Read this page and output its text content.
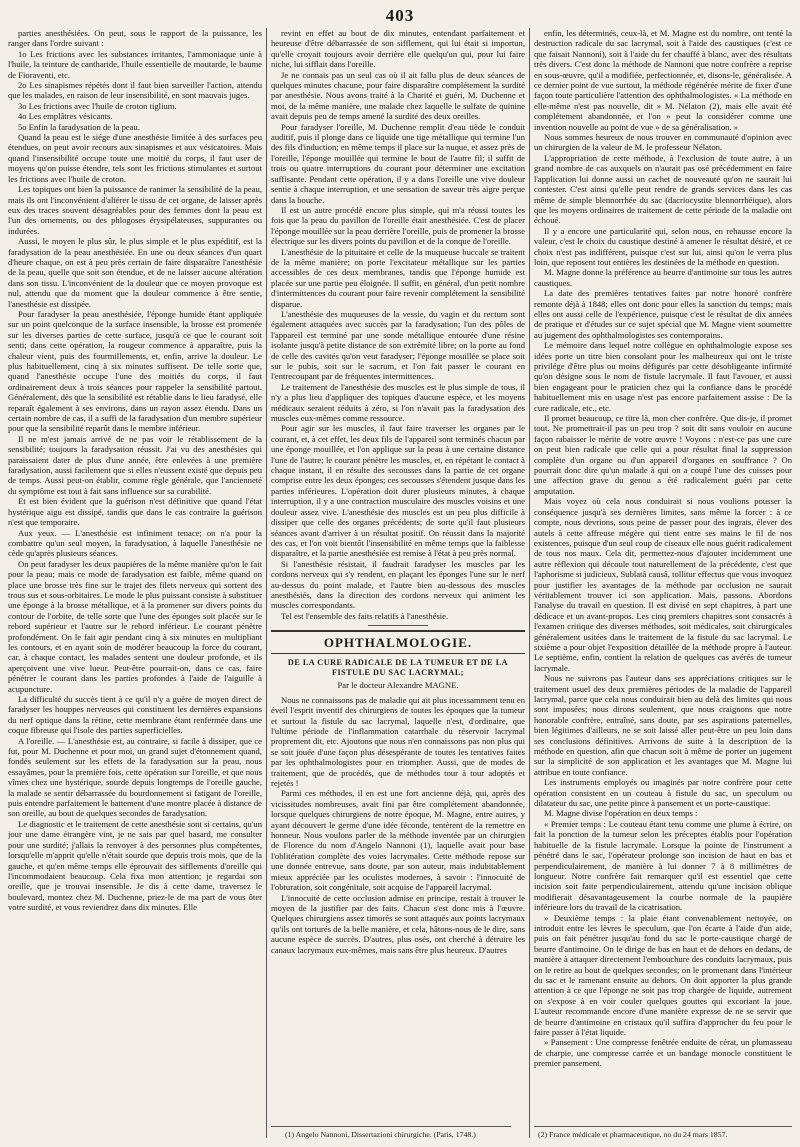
403

parties anesthésiées. On peut, sous le rapport de la puissance, les ranger dans l'ordre suivant :

1o Les frictions avec les substances irritantes, l'ammoniaque unie à l'huile, la teinture de cantharide, l'huile essentielle de moutarde, le baume de Fioraventi, etc.

2o Les sinapismes répétés dont il faut bien surveiller l'action, attendu que les malades, en raison de leur insensibilité, en sont mauvais juges.

3o Les frictions avec l'huile de croton tiglium.

4o Les emplâtres vésicants.

5o Enfin la faradysation de la peau.

Quand la peau est le siége d'une anesthésie limitée à des surfaces peu étendues, on peut avoir recours aux sinapismes et aux vésicatoires. Mais quand l'insensibilité occupe toute une moitié du corps, il faut user de moyens qu'on puisse étendre, tels sont les frictions stimulantes et surtout les frictions avec l'huile de croton.

Les topiques ont bien la puissance de ranimer la sensibilité de la peau, mais ils ont l'inconvénient d'altérer le tissu de cet organe, de laisser après eux des traces souvent désagréables pour des femmes dont la peau est l'un des ornements, ou des phlogoses érysipélateuses, suppurantes ou indurées.

Aussi, le moyen le plus sûr, le plus simple et le plus expéditif, est la faradysation de la peau anesthésiée. En une ou deux séances d'un quart d'heure chaque, on est à peu près certain de faire disparaître l'anesthésie de la peau, quelle que soit son étendue, et de ne laisser aucune altération dans son tissu. L'inconvénient de la douleur que ce moyen provoque est nul, attendu que du moment que la douleur commence à être sentie, l'anesthésie est dissipée.

Pour faradyser la peau anesthésiée, l'éponge humide étant appliquée sur un point quelconque de la surface insensible, la brosse est promenée sur les diverses parties de cette surface, jusqu'à ce que le courant soit senti; dans cette opération, la rougeur commence à apparaître, puis la chaleur vient, puis des fourmillements, et, enfin, arrive la douleur. Le plus habituellement, cinq à six minutes suffisent. De telle sorte que, quand l'anesthésie occupe l'une des moitiés du corps, il faut ordinairement deux à trois séances pour rappeler la sensibilité partout. Généralement, dès que la sensibilité est rétablie dans le lieu faradysé, elle reparaît également à ses environs, dans un rayon assez étendu. Dans un certain nombre de cas, il a suffi de la faradysation d'un membre supérieur pour que la sensibilité reparût dans le membre inférieur.

Il ne m'est jamais arrivé de ne pas voir le rétablissement de la sensibilité; toujours la faradysation réussit. J'ai vu des anesthésies qui paraissaient dater de plus d'une année, être enlevées à une première faradysation, aussi facilement que si elles n'eussent existé que depuis peu de temps. Aussi peut-on établir, comme règle générale, que l'ancienneté du symptôme est tout à fait sans influence sur sa curabilité.

Et est bien évident que la guérison n'est définitive que quand l'état hystérique aigu est dissipé, tandis que dans le cas contraire la guérison n'est que temporaire.

Aux yeux. — L'anesthésie est infiniment tenace; on n'a pour la combattre qu'un seul moyen, la faradysation, à laquelle l'anesthésie ne cède qu'après plusieurs séances.

On peut faradyser les deux paupières de la même manière qu'on le fait pour la peau; mais ce mode de faradysation est faible, même quand on place une brosse très fine sur le trajet des filets nerveux qui sortent des trous sus et sous-orbitaires. Le mode le plus puissant consiste à substituer une éponge à la brosse métallique, et à la promener sur divers points du contour de l'orbite, de telle sorte que l'une des éponges soit placée sur le rebord supérieur et l'autre sur le rebord inférieur. Le courant pénètre profondément. On le fait agir pendant cinq à six minutes en multipliant les contours, et en ayant soin de modérer beaucoup la force du courant, car, à chaque contact, les malades sentent une douleur profonde, et ils aperçoivent une vive lueur. Peut-être pourrait-on, dans ce cas, faire pénétrer le courant dans les parties profondes à l'aide de l'aiguille à acupuncture.

La difficulté du succès tient à ce qu'il n'y a guère de moyen direct de faradyser les houppes nerveuses qui constituent les dernières expansions du nerf optique dans la rétine, cette membrane étant renfermée dans une coque fibreuse qui l'isole des parties superficielles.

A l'oreille. — L'anesthésie est, au contraire, si facile à dissiper, que ce fut, pour M. Duchenne et pour moi, un grand sujet d'étonnement quand, fondés seulement sur les effets de la faradysation sur la peau, nous essayâmes, pour la première fois, cette opération sur l'oreille, et que nous vîmes chez une hystérique, sourde depuis longtemps de l'oreille gauche, la malade se sentir débarrassée du bourdonnement si fatigant de l'oreille, puis entendre parfaitement le battement d'une montre placée à distance de son oreille, au bout de quelques secondes de faradysation.

Le diagnostic et le traitement de cette anesthésie sont si certains, qu'un jour une dame étrangère vint, je ne sais par quel hasard, me consulter pour une surdité; j'allais la renvoyer à des personnes plus compétentes, lorsqu'elle m'apprit qu'elle n'était sourde que depuis trois mois, que de la gauche, et qu'en même temps elle éprouvait des sifflements d'oreille qui l'incommodaient beaucoup. Cela fixa mon attention; je regardai son oreille, que je trouvai insensible. Je dis à cette dame, traversez le boulevard, montez chez M. Duchenne, priez-le de ma part de vous ôter votre surdité, et vous reviendrez dans dix minutes. Elle

revint en effet au bout de dix minutes, entendant parfaitement et heureuse d'être débarrassée de son sifflement, qui lui était si importun, qu'elle croyait toujours avoir derrière elle quelqu'un qui, pour lui faire niche, lui sifflait dans l'oreille.

Je ne connais pas un seul cas où il ait fallu plus de deux séances de quelques minutes chacune, pour faire disparaître complétement la surdité par anesthésie. Nous avons traité à la Charité et guéri, M. Duchenne et moi, de la même manière, une malade chez laquelle le sulfate de quinine avait depuis peu de temps amené la surdité des deux oreilles.

Pour faradyser l'oreille, M. Duchenne remplit d'eau tiède le conduit auditif, puis il plonge dans ce liquide une tige métallique qui termine l'un des fils d'induction; en même temps il place sur la nuque, et assez près de l'oreille, l'éponge mouillée qui termine le bout de l'autre fil; il suffit de trois ou quatre interruptions du courant pour déterminer une excitation suffisante. Pendant cette opération, il y a dans l'oreille une vive douleur sentie à chaque interruption, et une sensation de saveur très aigre perçue dans la bouche.

Il est un autre procédé encore plus simple, qui m'a réussi toutes les fois que la peau du pavillon de l'oreille était anesthésiée. C'est de placer l'éponge mouillée sur la peau derrière l'oreille, puis de promener la brosse électrique sur les divers points du pavillon et de la conque de l'oreille.

L'anesthésie de la pituitaire et celle de la muqueuse buccale se traitent de la même manière; on porte l'excitateur métallique sur les parties accessibles de ces deux membranes, tandis que l'éponge humide est placée sur une partie peu éloignée. Il suffit, en général, d'un petit nombre d'intermittences du courant pour faire revenir complétement la sensibilité disparue.

L'anesthésie des muqueuses de la vessie, du vagin et du rectum sont également attaquées avec succès par la faradysation; l'un des pôles de l'appareil est terminé par une sonde métallique entourée d'une résine isolante jusqu'à petite distance de son extrémité libre; on la porte au fond de celle des cavités qu'on veut faradyser; l'éponge mouillée se place soit sur le pubis, soit sur le sacrum, et l'on fait passer le courant en l'entrecoupant par de fréquentes intermittences.

Le traitement de l'anesthésie des muscles est le plus simple de tous, il n'y a plus lieu d'appliquer des topiques d'aucune espèce, et les moyens médicaux seraient réduits à zéro, si l'on n'avait pas la faradysation des muscles eux-mêmes comme ressource.

Pour agir sur les muscles, il faut faire traverser les organes par le courant, et, à cet effet, les deux fils de l'appareil sont terminés chacun par une éponge mouillée, et l'on applique sur la peau à une certaine distance l'une de l'autre; le courant pénètre les muscles, et, en répétant le contact à chaque instant, il en résulte des secousses dans la partie de cet organe comprise entre les deux éponges; ces secousses s'étendent jusque dans les parties inférieures. L'opération doit durer plusieurs minutes, à chaque interruption, il y a une contraction musculaire des muscles voisins et une douleur assez vive. L'anesthésie des muscles est un peu plus difficile à dissiper que celle des organes précédents; de sorte qu'il faut plusieurs séances avant d'arriver à un résultat positif. On réussit dans la majorité des cas, et l'on voit bientôt l'insensibilité en même temps que la faiblesse disparaître, et la partie anesthésiée est remise à l'état à peu près normal.

Si l'anesthésie résistait, il faudrait faradyser les muscles par les cordons nerveux qui s'y rendent, en plaçant les éponges l'une sur le nerf au-dessus du point malade, et l'autre bien au-dessous des muscles anesthésiés, dans la direction des cordons nerveux qui animent les muscles correspondants.

Tel est l'ensemble des faits relatifs à l'anesthésie.

OPHTHALMOLOGIE.
DE LA CURE RADICALE DE LA TUMEUR ET DE LA FISTULE DU SAC LACRYMAL;
Par le docteur Alexandre MAGNE.

Nous ne connaissons pas de maladie qui ait plus incessamment tenu en éveil l'esprit inventif des chirurgiens de toutes les époques que la tumeur et surtout la fistule du sac lacrymal, laquelle n'est, d'ordinaire, que l'ultime période de l'inflammation catarrhale du réservoir lacrymal proprement dit, etc. Ajoutons que nous n'en connaissons pas non plus qui se soit jouée d'une façon plus désespérante de toutes les tentatives faites par les ophthalmologistes pour en triompher. Aussi, que de modes de traitement, que de procédés, que de méthodes tour à tour adoptés et rejetés !

Parmi ces méthodes, il en est une fort ancienne déjà, qui, après des vicissitudes nombreuses, avait fini par être complétement abandonnée, lorsque quelques chirurgiens de notre époque, M. Magne, entre autres, y ayant découvert le germe d'une idée féconde, tentèrent de la remettre en honneur. Nous voulons parler de la méthode inventée par un chirurgien de Florence du nom d'Angelo Nannoni (1), laquelle avait pour base l'oblitération complète des voies lacrymales. Cette méthode repose sur une donnée entrevue, sans doute, par son auteur, mais indubitablement mieux appréciée par les oculistes modernes, à savoir : l'innocuité de l'obturation, soit congénitale, soit acquise de l'appareil lacrymal.

L'innocuité de cette occlusion admise en principe, restait à trouver le moyen de la justifier par des faits. Chacun s'est donc mis à l'œuvre. Quelques chirurgiens assez timorés se sont attaqués aux points lacrymaux qu'ils ont torturés de la belle manière, et cela, hâtons-nous de le dire, sans aucune espèce de succès. D'autres, plus osés, ont cherché à détruire les canaux lacrymaux eux-mêmes, mais sans être plus heureux. D'autres

enfin, les déterminés, ceux-là, et M. Magne est du nombre, ont tenté la destruction radicale du sac lacrymal, soit à l'aide des caustiques (c'est ce que faisait Nannoni), soit à l'aide du fer chauffé à blanc, avec des résultats très divers. C'est donc la méthode de Nannoni que notre confrère a reprise en sous-œuvre, qu'il a modifiée, perfectionnée, et, disons-le, généralisée. A ce dernier point de vue surtout, la méthode régénérée mérite de fixer d'une façon toute particulière l'attention des ophthalmologistes. « La méthode en elle-même n'est pas nouvelle, dit » M. Nélaton (2), mais elle avait été complétement abandonnée, et l'on » peut la considérer comme une invention nouvelle au point de vue » de sa généralisation. »

Nous sommes heureux de nous trouver en communauté d'opinion avec un chirurgien de la valeur de M. le professeur Nélaton.

L'appropriation de cette méthode, à l'exclusion de toute autre, à un grand nombre de cas auxquels on n'aurait pas osé précédemment en faire l'application lui donne aussi un cachet de nouveauté qu'on ne saurait lui contester. C'est ainsi qu'elle peut rendre de grands services dans les cas même de simple blennorrhée du sac (dacriocystite blennorrhéique), alors que les moyens ordinaires de traitement de cette période de la maladie ont échoué.

Il y a encore une particularité qui, selon nous, en rehausse encore la valeur, c'est le choix du caustique destiné à amener le résultat désiré, et ce choix n'est pas indifférent, puisque c'est sur lui, ainsi qu'on le verra plus loin, que reposent tout entières les destinées de la méthode en question.

M. Magne donne la préférence au beurre d'antimoine sur tous les autres caustiques.

La date des premières tentatives faites par notre honoré confrère remonte déjà à 1848; elles ont donc pour elles la sanction du temps; mais elles ont aussi celle de l'expérience, puisque c'est le résultat de dix années de pratique et d'études sur ce sujet spécial que M. Magne vient soumettre au jugement des ophthalmologistes ses contemporains.

Le mémoire dans lequel notre collègue en ophthalmologie expose ses idées porte un titre bien consolant pour les malheureux qui ont le triste privilége d'être plus ou moins défigurés par cette désobligeante infirmité qu'on désigne sous le nom de fistule lacrymale. Il faut l'avouer, et aussi bien engageant pour le praticien chez qui la confiance dans le procédé habituellement mis en usage n'est pas encore parfaitement assise : De la cure radicale, etc., etc.

Il promet beaucoup, ce titre là, mon cher confrère. Que dis-je, il promet tout. Ne promettrait-il pas un peu trop ? soit dit sans vouloir en aucune façon rabaisser le mérite de votre œuvre ! Voyons : n'est-ce pas une cure on peut bien radicale que celle qui a pour résultat final la suppression complète d'un organe ou d'un appareil d'organes en souffrance ? On pourrait donc dire qu'un malade à qui on a coupé l'une des cuisses pour une affection grave du genou a été radicalement guéri par cette amputation.

Mais voyez où cela nous conduirait si nous voulions pousser la conséquence jusqu'à ses dernières limites, sans même la forcer : à ce compte, nous devrions, sous peine de passer pour des ingrats, élever des autels à cette affreuse mégère qui tient entre ses mains le fil de nos existences, puisque d'un seul coup de ciseaux elle nous guérit radicalement de tous nos maux. Cela dit, permettez-nous d'ajouter incidemment une autre réflexion qui découle tout naturellement de la précédente, c'est que l'aphorisme si judicieux, Sublatâ causâ, tollitur effectus que vous invoquez pour justifier les avantages de la méthode par occlusion ne saurait véritablement trouver ici son application. Mais, passons. Abordons l'analyse du travail en question. Il est divisé en sept chapitres, à part une dédicace et un avant-propos. Les cinq premiers chapitres sont consacrés à l'examen critique des diverses méthodes, soit médicales, soit chirurgicales généralement usitées dans le traitement de la fistule du sac lacrymal. Le sixième a pour objet l'exposition détaillée de la méthode propre à l'auteur. Le septième, enfin, contient la relation de quelques cas avérés de tumeur lacrymale.

Nous ne suivrons pas l'auteur dans ses appréciations critiques sur le traitement usuel des deux premières périodes de la maladie de l'appareil lacrymal, parce que cela nous conduirait bien au delà des limites qui nous sont imposées; nous dirons seulement, que nous craignons que notre honorable confrère, entraîné, sans doute, par ses aspirations paternelles, bien légitimes d'ailleurs, ne se soit laissé aller peut-être un peu loin dans ses conclusions définitives. Arrivons de suite à la description de la méthode en question, afin que chacun soit à même de porter un jugement sur la simplicité de son application et les avantages que M. Magne lui attribue en toute confiance.

Les instruments employés ou imaginés par notre confrère pour cette opération consistent en un couteau à fistule du sac, un speculum ou dilatateur du sac, une petite pince à pansement et un porte-caustique.

M. Magne divise l'opération en deux temps :

« Premier temps : Le couteau étant tenu comme une plume à écrire, on fait la ponction de la tumeur selon les préceptes établis pour l'opération habituelle de la fistule lacrymale. Lorsque la pointe de l'instrument a pénétré dans le sac, l'opérateur prolonge son incision de haut en bas et perpendiculairement, de manière à lui donner 7 à 8 millimètres de longueur. Notre confrère fait remarquer qu'il est essentiel que cette incision soit faite perpendiculairement, attendu qu'une incision oblique modifierait désavantageusement la courbe normale de la paupière inférieure lors du travail de la cicatrisation.

» Deuxième temps : la plaie étant convenablement nettoyée, on introduit entre les lèvres le speculum, que l'on écarte à l'aide d'un aide, puis on fait pénétrer jusqu'au fond du sac le porte-caustique chargé de beurre d'antimoine. On le dirige de bas en haut et de dehors en dedans, de manière à attaquer directement l'embouchure des conduits lacrymaux, puis on le retire au bout de quelques secondes; on le promenant dans l'intérieur du sac et le ramenant ensuite au dehors. On doit apporter la plus grande attention à ce que l'éponge ne soit pas trop chargée de liquide, autrement on s'expose à en voir couler quelques gouttes qui excoriant la joue. L'auteur recommande encore d'une manière expresse de ne se servir que de beurre d'antimoine en cristaux qu'il suffira d'approcher du feu pour le faire passer à l'état liquide.

» Pansement : Une compresse fenêtrée enduite de cérat, un plumasseau de charpie, une compresse carrée et un bandage monocle constituent le premier pansement.

(1) Angelo Nannoni, Dissertazioni chirurgiche. (Paris, 1748.)	(2) France médicale et pharmaceutique, no du 24 mars 1857.
